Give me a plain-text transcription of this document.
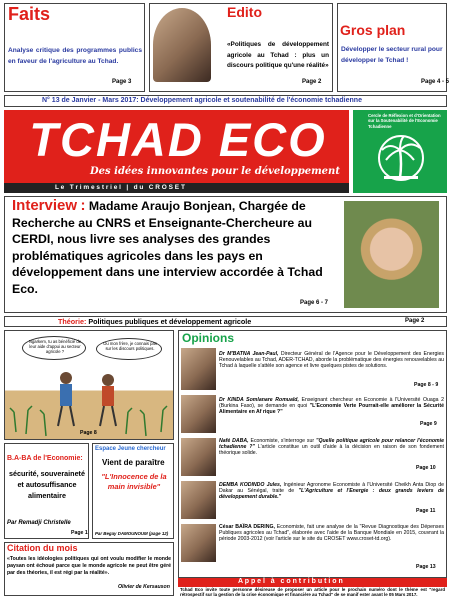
Faits
Analyse critique des programmes publics en faveur de l'agriculture au Tchad.
Page 3
Edito
«Politiques de développement agricole au Tchad : plus un discours politique qu'une réalité»
Page 2
Gros plan
Développer le secteur rural pour développer le Tchad !
Page 4 - 5
N° 13 de Janvier - Mars 2017: Développement agricole et soutenabilité de l'économie tchadienne
TCHAD ECO
Des idées innovantes pour le développement
L e   T r i m e s t r i e l   |   d u   C R O S E T
Cercle de Réflexion et d'Orientation sur la Soutenabilité de l'Economie Tchadienne
Interview : Madame Araujo Bonjean, Chargée de Recherche au CNRS et Enseignante-Chercheure au CERDI, nous livre ses analyses des grandes problématiques agricoles dans les pays en développement dans une interview accordée à Tchad Eco.
Page 6 - 7
Théorie: Politiques publiques et développement agricole	Page 2
Ngarkem, tu as bénéficié de leur aide d'appui au secteur agricole ?
Ou mon frère, je connais pas sur les discours politiques.
Page 8
Opinions
Dr M'BATNA Jean-Paul, Directeur Général de l'Agence pour le Développement des Energies Renouvelables au Tchad, ADER-TCHAD, aborde la problématique des énergies renouvelables au Tchad à laquelle s'attèle son agence et livre quelques pistes de solutions.
Page 8 - 9
Dr KINDA Somlanare Romuald, Enseignant chercheur en Economie à l'Université Ouaga 2 (Burkina Faso), se demande en quoi "L'Economie Verte Pourrait-elle améliorer la Sécurité Alimentaire en Af rique ?"
Page 9
Nafé DABA, Economiste, s'interroge sur "Quelle politique agricole pour relancer l'économie tchadienne ?" L'article constitue un outil d'aide à la décision en raison de son fondement théorique solide.
Page 10
DEMBA KODINDO Jules, Ingénieur Agronome Economiste à l'Université Cheikh Anta Diop de Dakar au Sénégal, traite de "L'Agriculture et l'Energie : deux grands leviers de développement durable."
Page 11
César BAÏRA DERING, Economiste, fait une analyse de la "Revue Diagnostique des Dépenses Publiques agricoles au Tchad", élaborée avec l'aide de la Banque Mondiale en 2015, couvrant la période 2003-2012 (voir l'article sur le site du CROSET www.croset-td.org).
Page 13
B.A-BA de l'Economie:
sécurité, souveraineté et autosuffisance alimentaire
Par Remadji Christelle
Page 1
Espace Jeune chercheur
Vient de paraître
"L'Innocence de la main invisible"
Par Begay DAMOUNOUM (page 12)
Citation du mois
«Toutes les idéologies politiques qui ont voulu modifier le monde paysan ont échoué parce que le monde agricole ne peut être géré par des théories, il est régi par la réalité».
Olivier de Kersauson
A p p e l   à   c o n t r i b u t i o n
Tchad Eco invite toute personne désireuse de proposer un article pour le prochain numéro dont le thème est "regard rétrospectif sur la gestion de la crise économique et financière au Tchad" de se manif ester avant le 05 Mars 2017.
